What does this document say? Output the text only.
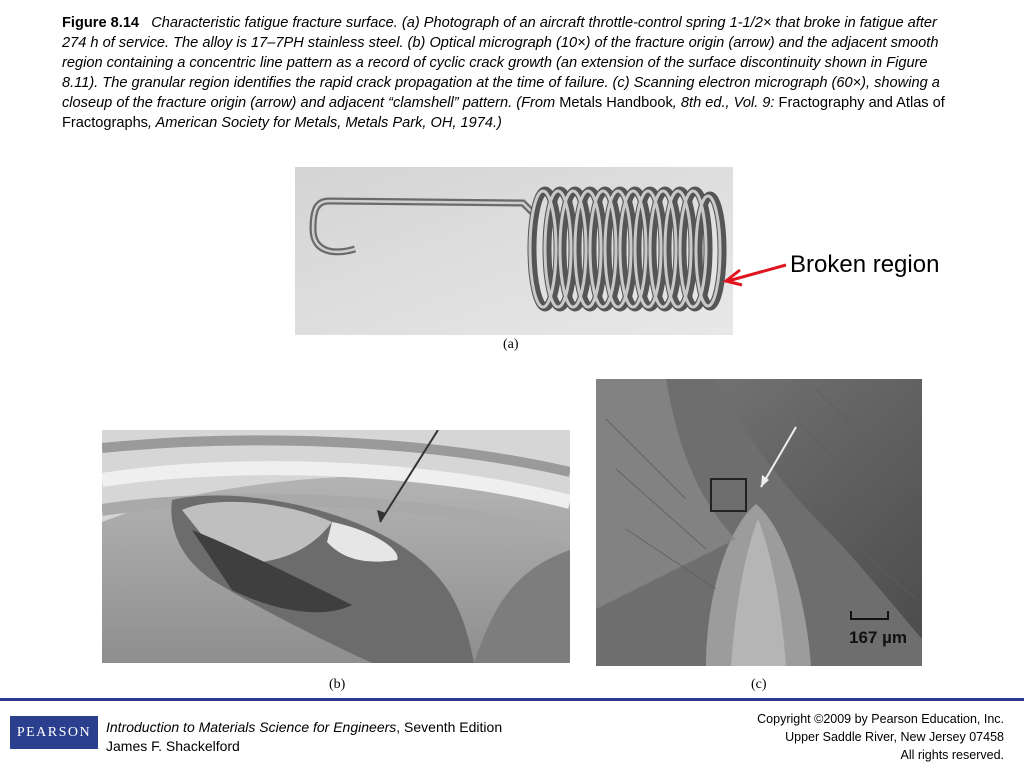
Figure 8.14 Characteristic fatigue fracture surface. (a) Photograph of an aircraft throttle-control spring 1-1/2× that broke in fatigue after 274 h of service. The alloy is 17–7PH stainless steel. (b) Optical micrograph (10×) of the fracture origin (arrow) and the adjacent smooth region containing a concentric line pattern as a record of cyclic crack growth (an extension of the surface discontinuity shown in Figure 8.11). The granular region identifies the rapid crack propagation at the time of failure. (c) Scanning electron micrograph (60×), showing a closeup of the fracture origin (arrow) and adjacent “clamshell” pattern. (From Metals Handbook, 8th ed., Vol. 9: Fractography and Atlas of Fractographs, American Society for Metals, Metals Park, OH, 1974.)
(a)
Broken region
(b)
167 µm
(c)
PEARSON	Introduction to Materials Science for Engineers, Seventh Edition
James F. Shackelford
Copyright ©2009 by Pearson Education, Inc.
Upper Saddle River, New Jersey 07458
All rights reserved.
